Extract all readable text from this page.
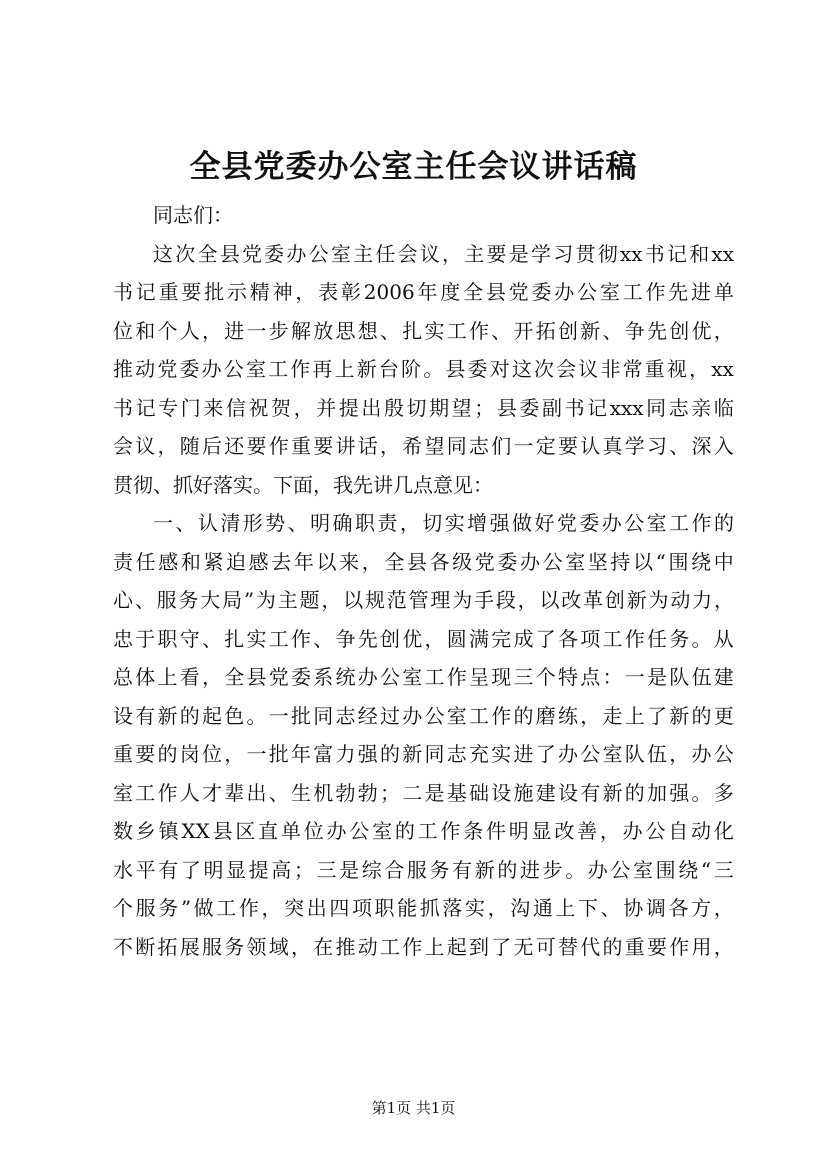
全县党委办公室主任会议讲话稿
同志们：
这 次 全 县 党 委 办 公 室 主 任 会 议 ， 主 要 是 学 习 贯 彻 xx 书 记 和 xx
书 记 重 要 批 示 精 神 ， 表 彰 2006 年 度 全 县 党 委 办 公 室 工 作 先 进 单
位 和 个 人 ， 进 一 步 解 放 思 想 、 扎 实 工 作 、 开 拓 创 新 、 争 先 创 优 ，
推 动 党 委 办 公 室 工 作 再 上 新 台 阶 。 县 委 对 这 次 会 议 非 常 重 视 ， xx
书 记 专 门 来 信 祝 贺 ， 并 提 出 殷 切 期 望 ； 县 委 副 书 记 xxx 同 志 亲 临
会 议 ， 随 后 还 要 作 重 要 讲 话 ， 希 望 同 志 们 一 定 要 认 真 学 习 、 深 入
贯彻、抓好落实。下面，我先讲几点意见：
一 、 认 清 形 势 、 明 确 职 责 ， 切 实 增 强 做 好 党 委 办 公 室 工 作 的
责 任 感 和 紧 迫 感 去 年 以 来 ， 全 县 各 级 党 委 办 公 室 坚 持 以 “ 围 绕 中
心 、 服 务 大 局 ” 为 主 题 ， 以 规 范 管 理 为 手 段 ， 以 改 革 创 新 为 动 力 ，
忠 于 职 守 、 扎 实 工 作 、 争 先 创 优 ， 圆 满 完 成 了 各 项 工 作 任 务 。 从
总 体 上 看 ， 全 县 党 委 系 统 办 公 室 工 作 呈 现 三 个 特 点 ： 一 是 队 伍 建
设 有 新 的 起 色 。 一 批 同 志 经 过 办 公 室 工 作 的 磨 练 ， 走 上 了 新 的 更
重 要 的 岗 位 ， 一 批 年 富 力 强 的 新 同 志 充 实 进 了 办 公 室 队 伍 ， 办 公
室 工 作 人 才 辈 出 、 生 机 勃 勃 ； 二 是 基 础 设 施 建 设 有 新 的 加 强 。 多
数 乡 镇 XX 县 区 直 单 位 办 公 室 的 工 作 条 件 明 显 改 善 ， 办 公 自 动 化
水 平 有 了 明 显 提 高 ； 三 是 综 合 服 务 有 新 的 进 步 。 办 公 室 围 绕 “ 三
个 服 务 ” 做 工 作 ， 突 出 四 项 职 能 抓 落 实 ， 沟 通 上 下 、 协 调 各 方 ，
不 断 拓 展 服 务 领 域 ， 在 推 动 工 作 上 起 到 了 无 可 替 代 的 重 要 作 用 ，
第1页 共1页
